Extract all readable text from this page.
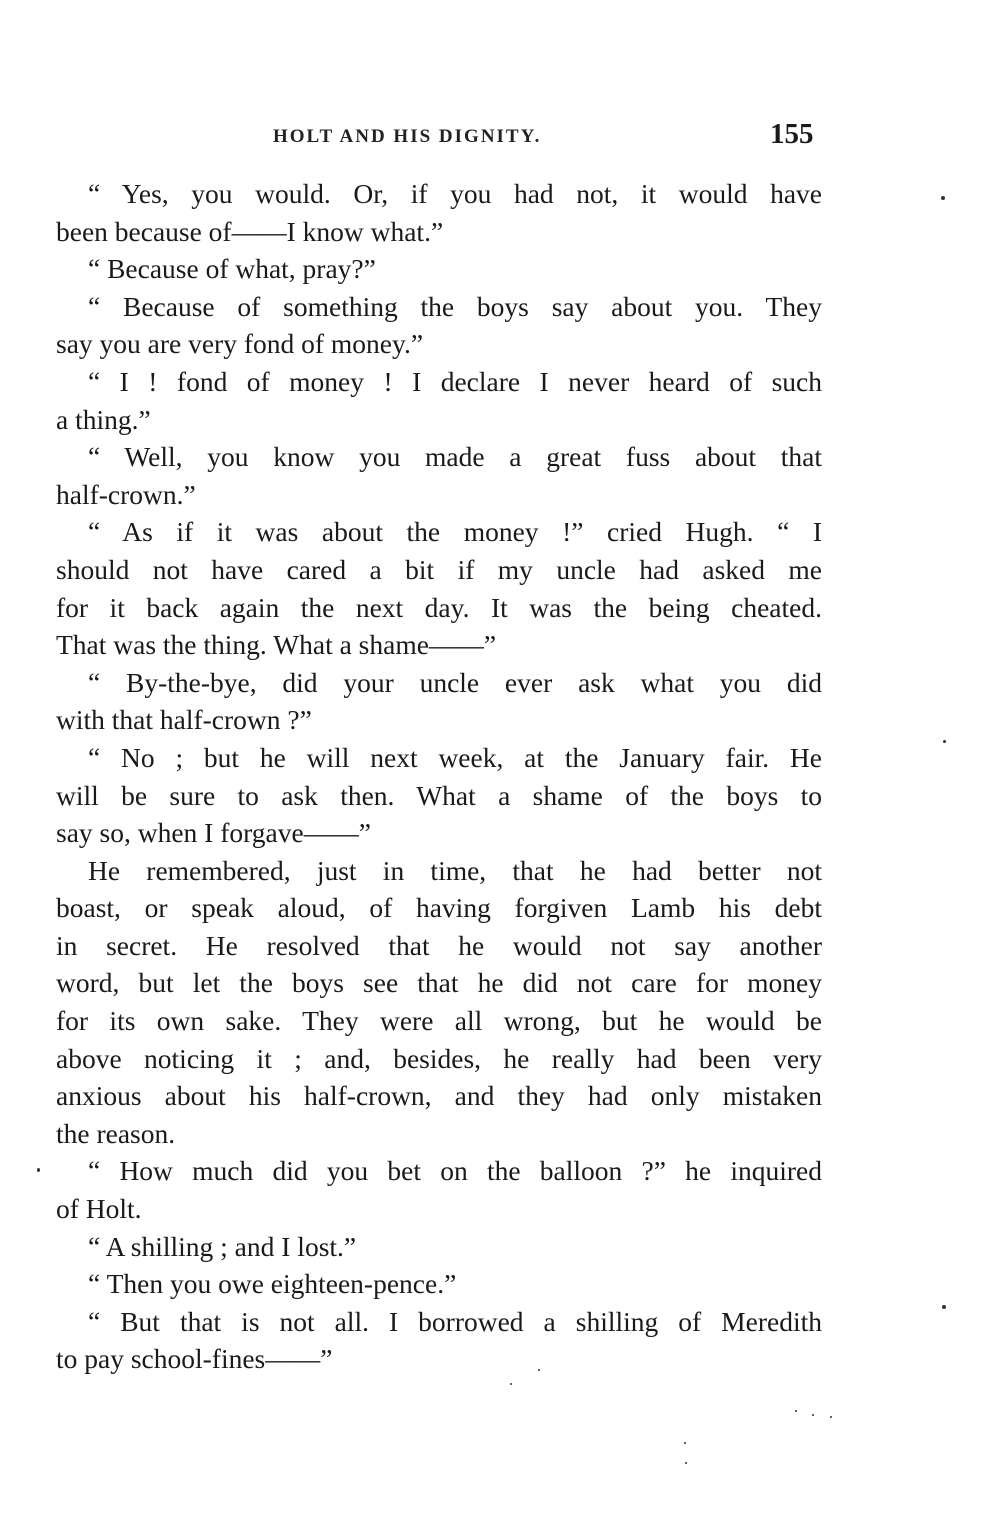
HOLT AND HIS DIGNITY.	155
“ Yes, you would. Or, if you had not, it would have
been because of——I know what.”
“ Because of what, pray?”
“ Because of something the boys say about you. They
say you are very fond of money.”
“ I ! fond of money ! I declare I never heard of such
a thing.”
“ Well, you know you made a great fuss about that
half-crown.”
“ As if it was about the money !” cried Hugh. “ I
should not have cared a bit if my uncle had asked me
for it back again the next day. It was the being cheated.
That was the thing. What a shame——”
“ By-the-bye, did your uncle ever ask what you did
with that half-crown ?”
“ No ; but he will next week, at the January fair. He
will be sure to ask then. What a shame of the boys to
say so, when I forgave——”
He remembered, just in time, that he had better not
boast, or speak aloud, of having forgiven Lamb his debt
in secret. He resolved that he would not say another
word, but let the boys see that he did not care for money
for its own sake. They were all wrong, but he would be
above noticing it ; and, besides, he really had been very
anxious about his half-crown, and they had only mistaken
the reason.
“ How much did you bet on the balloon ?” he inquired
of Holt.
“ A shilling ; and I lost.”
“ Then you owe eighteen-pence.”
“ But that is not all. I borrowed a shilling of Meredith
to pay school-fines——”
